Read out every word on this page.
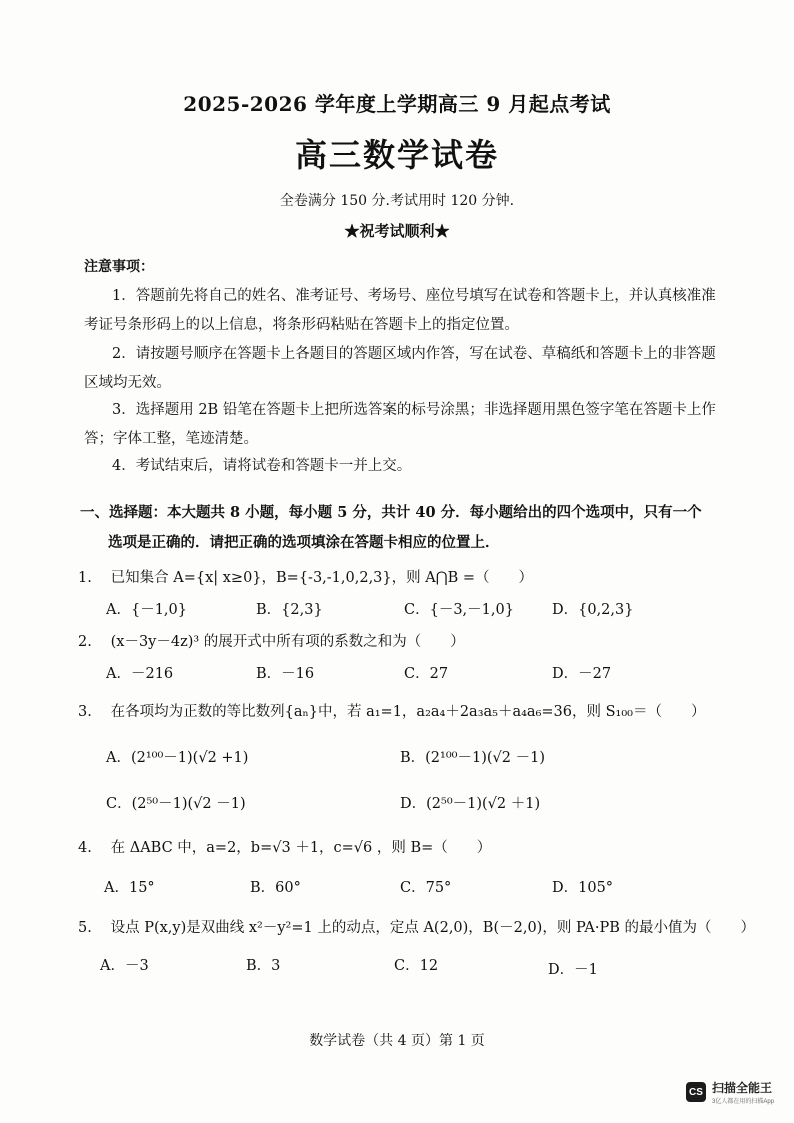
2025-2026 学年度上学期高三 9 月起点考试
高三数学试卷
全卷满分 150 分.考试用时 120 分钟.
★祝考试顺利★
注意事项：
1．答题前先将自己的姓名、准考证号、考场号、座位号填写在试卷和答题卡上，并认真核准准考证号条形码上的以上信息，将条形码粘贴在答题卡上的指定位置。
2．请按题号顺序在答题卡上各题目的答题区域内作答，写在试卷、草稿纸和答题卡上的非答题区域均无效。
3．选择题用 2B 铅笔在答题卡上把所选答案的标号涂黑；非选择题用黑色签字笔在答题卡上作答；字体工整，笔迹清楚。
4．考试结束后，请将试卷和答题卡一并上交。
一、选择题：本大题共 8 小题，每小题 5 分，共计 40 分．每小题给出的四个选项中，只有一个
选项是正确的．请把正确的选项填涂在答题卡相应的位置上．
1. 已知集合 A={x| x≥0}，B={-3,-1,0,2,3}，则 A⋂B =（　　）
A．{－1,0}	B．{2,3}	C．{－3,－1,0}	D．{0,2,3}
2. (x－3y－4z)³ 的展开式中所有项的系数之和为（　　）
A．－216	B．－16	C．27	D．－27
3. 在各项均为正数的等比数列{aₙ}中，若 a₁=1，a₂a₄＋2a₃a₅＋a₄a₆=36，则 S₁₀₀＝（　　）
A．(2¹⁰⁰－1)(√2 +1)	B．(2¹⁰⁰－1)(√2 －1)
C．(2⁵⁰－1)(√2 －1)	D．(2⁵⁰－1)(√2 ＋1)
4. 在 ΔABC 中，a=2，b=√3 ＋1，c=√6 ，则 B=（　　）
A．15°	B．60°	C．75°	D．105°
5. 设点 P(x,y)是双曲线 x²－y²=1 上的动点，定点 A(2,0)，B(－2,0)，则 PA·PB 的最小值为（　　）
A．－3	B．3	C．12	D．－1
数学试卷（共 4 页）第 1 页
CS 扫描全能王
3亿人都在用的扫描App
